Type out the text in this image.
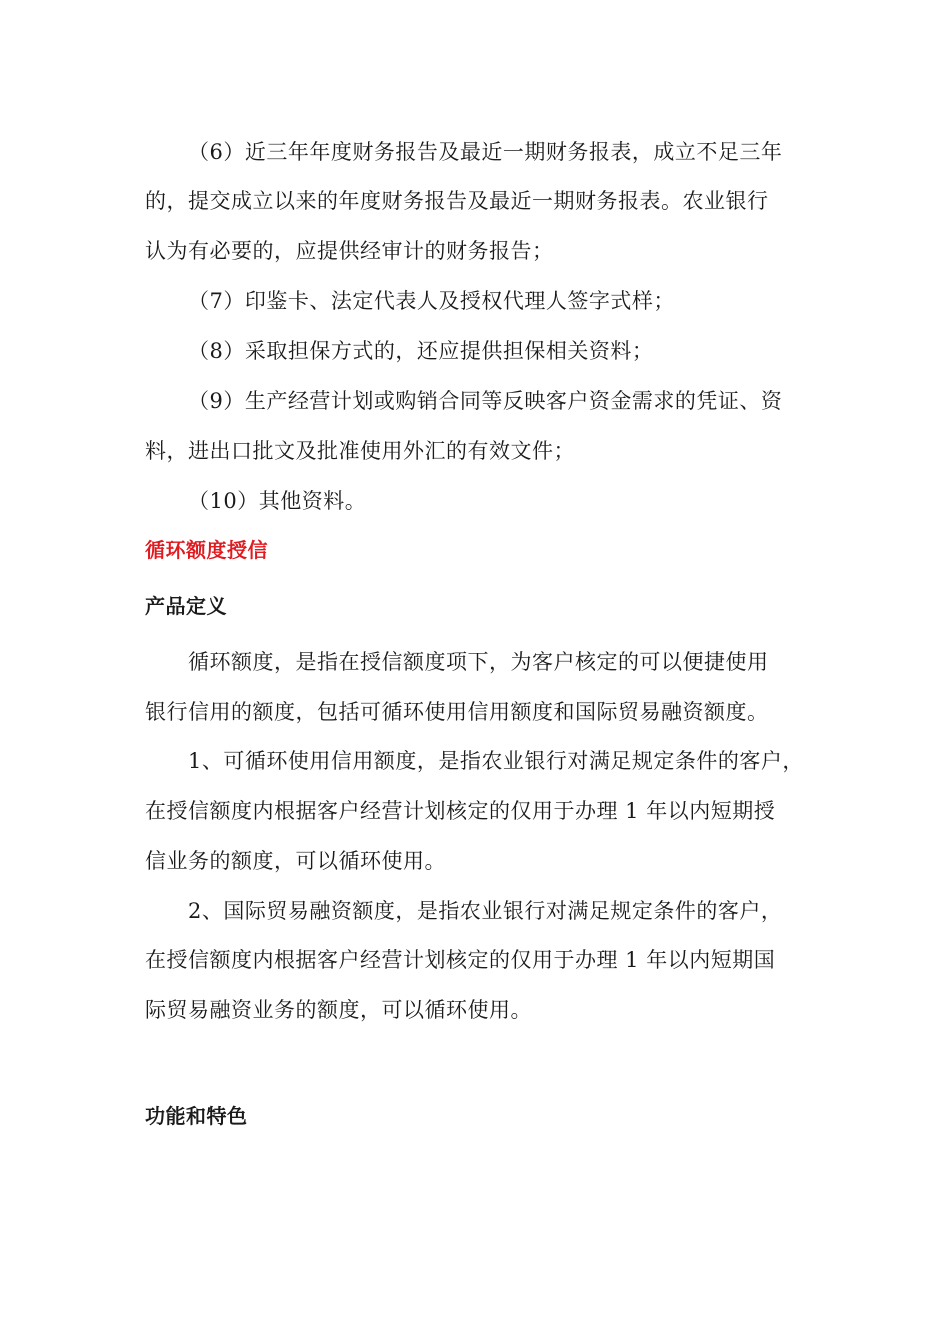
（6）近三年年度财务报告及最近一期财务报表，成立不足三年
的，提交成立以来的年度财务报告及最近一期财务报表。农业银行
认为有必要的，应提供经审计的财务报告；
（7）印鉴卡、法定代表人及授权代理人签字式样；
（8）采取担保方式的，还应提供担保相关资料；
（9）生产经营计划或购销合同等反映客户资金需求的凭证、资
料，进出口批文及批准使用外汇的有效文件；
（10）其他资料。
循环额度授信
产品定义
循环额度，是指在授信额度项下，为客户核定的可以便捷使用
银行信用的额度，包括可循环使用信用额度和国际贸易融资额度。
1、可循环使用信用额度，是指农业银行对满足规定条件的客户，
在授信额度内根据客户经营计划核定的仅用于办理 1 年以内短期授
信业务的额度，可以循环使用。
2、国际贸易融资额度，是指农业银行对满足规定条件的客户，
在授信额度内根据客户经营计划核定的仅用于办理 1 年以内短期国
际贸易融资业务的额度，可以循环使用。
功能和特色
